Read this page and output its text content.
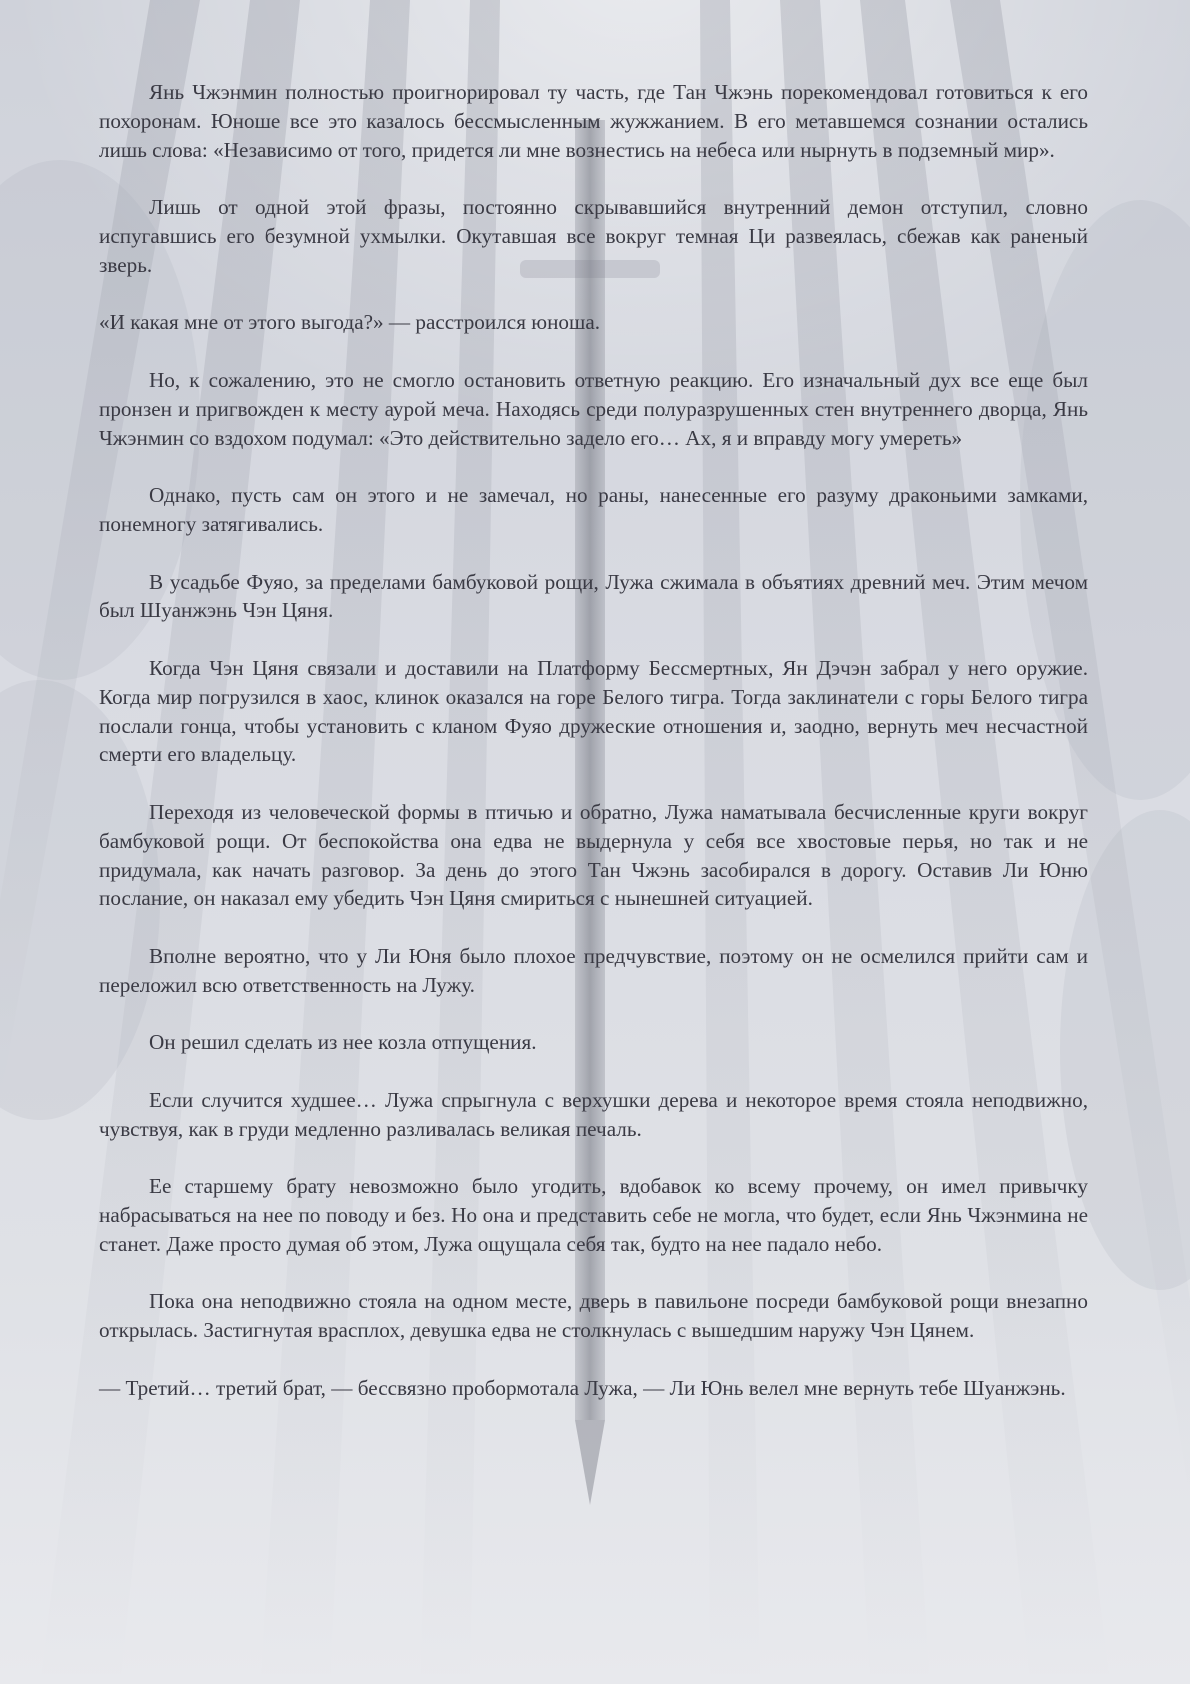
Янь Чжэнмин полностью проигнорировал ту часть, где Тан Чжэнь порекомендовал готовиться к его похоронам. Юноше все это казалось бессмысленным жужжанием. В его метавшемся сознании остались лишь слова: «Независимо от того, придется ли мне вознестись на небеса или нырнуть в подземный мир».

Лишь от одной этой фразы, постоянно скрывавшийся внутренний демон отступил, словно испугавшись его безумной ухмылки. Окутавшая все вокруг темная Ци развеялась, сбежав как раненый зверь.

«И какая мне от этого выгода?» — расстроился юноша.

Но, к сожалению, это не смогло остановить ответную реакцию. Его изначальный дух все еще был пронзен и пригвожден к месту аурой меча. Находясь среди полуразрушенных стен внутреннего дворца, Янь Чжэнмин со вздохом подумал: «Это действительно задело его… Ах, я и вправду могу умереть»

Однако, пусть сам он этого и не замечал, но раны, нанесенные его разуму драконьими замками, понемногу затягивались.

В усадьбе Фуяо, за пределами бамбуковой рощи, Лужа сжимала в объятиях древний меч. Этим мечом был Шуанжэнь Чэн Цяня.

Когда Чэн Цяня связали и доставили на Платформу Бессмертных, Ян Дэчэн забрал у него оружие. Когда мир погрузился в хаос, клинок оказался на горе Белого тигра. Тогда заклинатели с горы Белого тигра послали гонца, чтобы установить с кланом Фуяо дружеские отношения и, заодно, вернуть меч несчастной смерти его владельцу.

Переходя из человеческой формы в птичью и обратно, Лужа наматывала бесчисленные круги вокруг бамбуковой рощи. От беспокойства она едва не выдернула у себя все хвостовые перья, но так и не придумала, как начать разговор. За день до этого Тан Чжэнь засобирался в дорогу. Оставив Ли Юню послание, он наказал ему убедить Чэн Цяня смириться с нынешней ситуацией.

Вполне вероятно, что у Ли Юня было плохое предчувствие, поэтому он не осмелился прийти сам и переложил всю ответственность на Лужу.

Он решил сделать из нее козла отпущения.

Если случится худшее… Лужа спрыгнула с верхушки дерева и некоторое время стояла неподвижно, чувствуя, как в груди медленно разливалась великая печаль.

Ее старшему брату невозможно было угодить, вдобавок ко всему прочему, он имел привычку набрасываться на нее по поводу и без. Но она и представить себе не могла, что будет, если Янь Чжэнмина не станет. Даже просто думая об этом, Лужа ощущала себя так, будто на нее падало небо.

Пока она неподвижно стояла на одном месте, дверь в павильоне посреди бамбуковой рощи внезапно открылась. Застигнутая врасплох, девушка едва не столкнулась с вышедшим наружу Чэн Цянем.

— Третий… третий брат, — бессвязно пробормотала Лужа, — Ли Юнь велел мне вернуть тебе Шуанжэнь.
